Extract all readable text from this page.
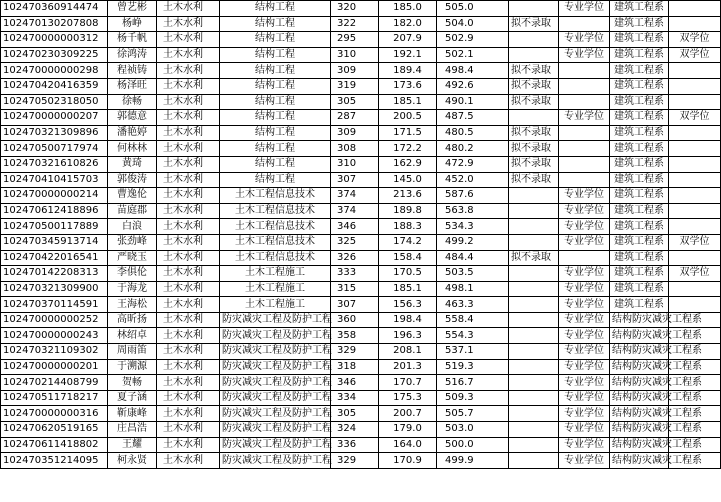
102470360914474	曾艺彬	土木水利	结构工程	320	185.0	505.0		专业学位	建筑工程系	
102470130207808	杨峥	土木水利	结构工程	322	182.0	504.0	拟不录取		建筑工程系	
102470000000312	杨千帆	土木水利	结构工程	295	207.9	502.9		专业学位	建筑工程系	双学位
102470230309225	徐鸿涛	土木水利	结构工程	310	192.1	502.1		专业学位	建筑工程系	双学位
102470000000298	程祯铸	土木水利	结构工程	309	189.4	498.4	拟不录取		建筑工程系	
102470420416359	杨泽旺	土木水利	结构工程	319	173.6	492.6	拟不录取		建筑工程系	
102470502318050	徐畅	土木水利	结构工程	305	185.1	490.1	拟不录取		建筑工程系	
102470000000207	郭德意	土木水利	结构工程	287	200.5	487.5		专业学位	建筑工程系	双学位
102470321309896	潘艳婷	土木水利	结构工程	309	171.5	480.5	拟不录取		建筑工程系	
102470500717974	何林林	土木水利	结构工程	308	172.2	480.2	拟不录取		建筑工程系	
102470321610826	黄琦	土木水利	结构工程	310	162.9	472.9	拟不录取		建筑工程系	
102470410415703	郭俊涛	土木水利	结构工程	307	145.0	452.0	拟不录取		建筑工程系	
102470000000214	曹逸伦	土木水利	土木工程信息技术	374	213.6	587.6		专业学位	建筑工程系	
102470612418896	苗庭郡	土木水利	土木工程信息技术	374	189.8	563.8		专业学位	建筑工程系	
102470500117889	白浪	土木水利	土木工程信息技术	346	188.3	534.3		专业学位	建筑工程系	
102470345913714	张劲峰	土木水利	土木工程信息技术	325	174.2	499.2		专业学位	建筑工程系	双学位
102470422016541	严晓玉	土木水利	土木工程信息技术	326	158.4	484.4	拟不录取		建筑工程系	
102470142208313	李俱伦	土木水利	土木工程施工	333	170.5	503.5		专业学位	建筑工程系	双学位
102470321309900	于海龙	土木水利	土木工程施工	315	185.1	498.1		专业学位	建筑工程系	
102470370114591	王海松	土木水利	土木工程施工	307	156.3	463.3		专业学位	建筑工程系	
102470000000252	高昕扬	土木水利	防灾减灾工程及防护工程	360	198.4	558.4		专业学位	结构防灾减灾工程系	
102470000000243	林绍卓	土木水利	防灾减灾工程及防护工程	358	196.3	554.3		专业学位	结构防灾减灾工程系	
102470321109302	周雨笛	土木水利	防灾减灾工程及防护工程	329	208.1	537.1		专业学位	结构防灾减灾工程系	
102470000000201	于溯源	土木水利	防灾减灾工程及防护工程	318	201.3	519.3		专业学位	结构防灾减灾工程系	
102470214408799	贺畅	土木水利	防灾减灾工程及防护工程	346	170.7	516.7		专业学位	结构防灾减灾工程系	
102470511718217	夏子涵	土木水利	防灾减灾工程及防护工程	334	175.3	509.3		专业学位	结构防灾减灾工程系	
102470000000316	靳康峰	土木水利	防灾减灾工程及防护工程	305	200.7	505.7		专业学位	结构防灾减灾工程系	
102470620519165	庄昌浩	土木水利	防灾减灾工程及防护工程	324	179.0	503.0		专业学位	结构防灾减灾工程系	
102470611418802	王耀	土木水利	防灾减灾工程及防护工程	336	164.0	500.0		专业学位	结构防灾减灾工程系	
102470351214095	柯永贤	土木水利	防灾减灾工程及防护工程	329	170.9	499.9		专业学位	结构防灾减灾工程系	
